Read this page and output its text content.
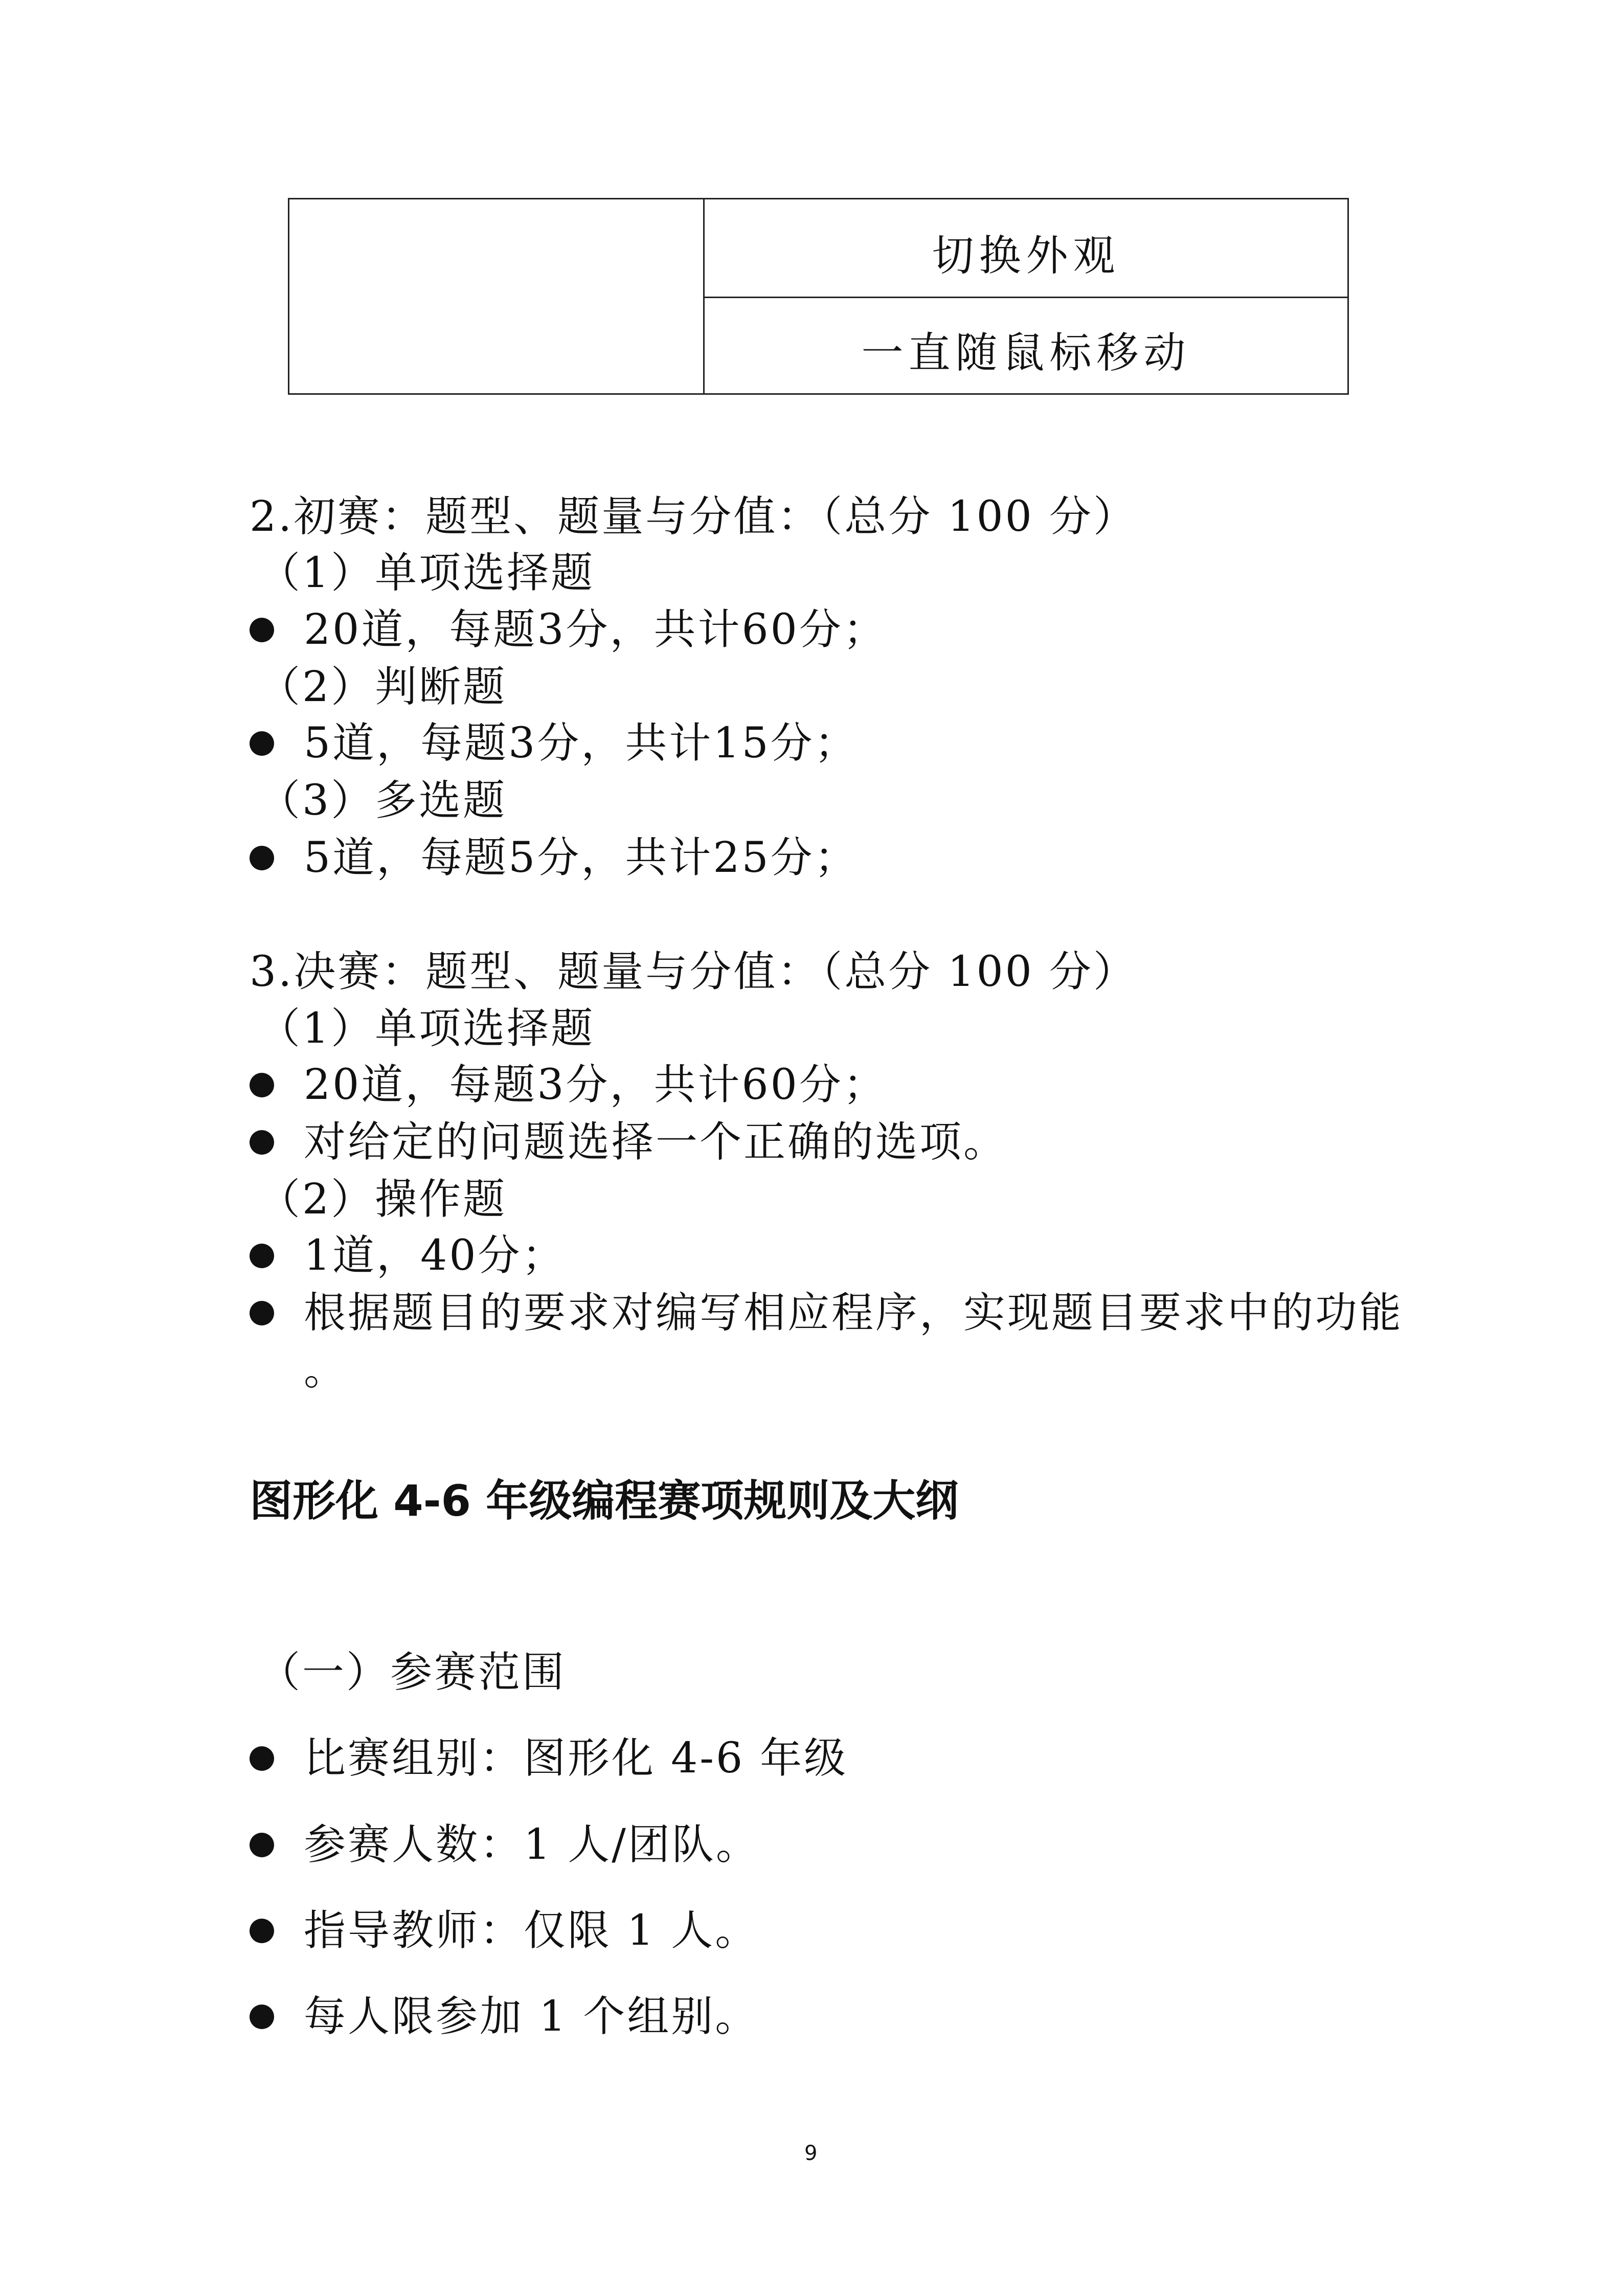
切换外观
一直随鼠标移动
2.初赛：题型、题量与分值：（总分 100 分）
（1）单项选择题
20道，每题3分，共计60分；
（2）判断题
5道，每题3分，共计15分；
（3）多选题
5道，每题5分，共计25分；
3.决赛：题型、题量与分值：（总分 100 分）
（1）单项选择题
20道，每题3分，共计60分；
对给定的问题选择一个正确的选项。
（2）操作题
1道，40分；
根据题目的要求对编写相应程序，实现题目要求中的功能
。
图形化 4-6 年级编程赛项规则及大纲
（一）参赛范围
比赛组别：图形化 4-6 年级
参赛人数：1 人/团队。
指导教师：仅限 1 人。
每人限参加 1 个组别。
9
